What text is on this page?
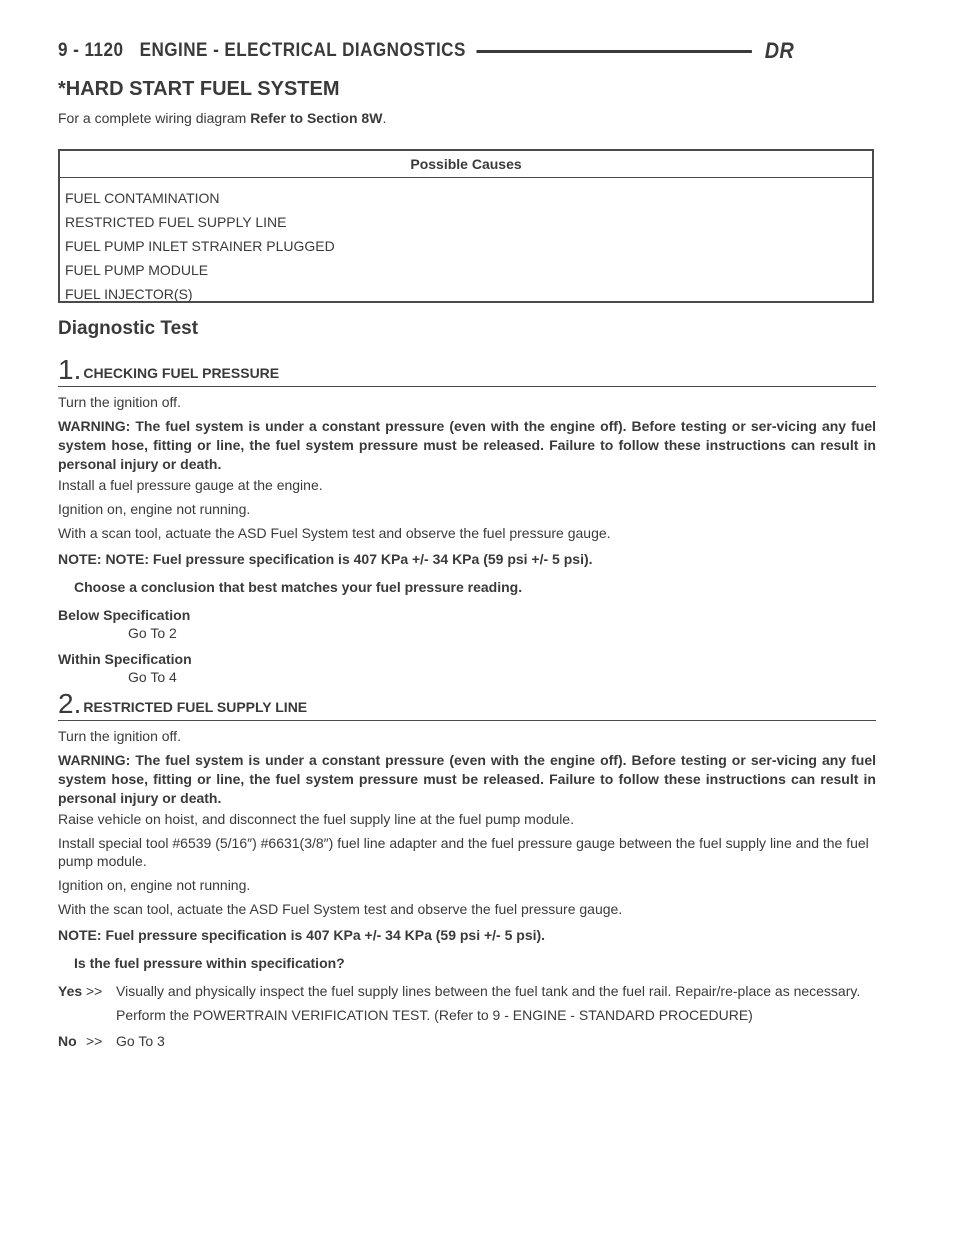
9 - 1120 ENGINE - ELECTRICAL DIAGNOSTICS	DR
*HARD START FUEL SYSTEM
For a complete wiring diagram Refer to Section 8W.
Possible Causes
FUEL CONTAMINATION
RESTRICTED FUEL SUPPLY LINE
FUEL PUMP INLET STRAINER PLUGGED
FUEL PUMP MODULE
FUEL INJECTOR(S)
Diagnostic Test
1. CHECKING FUEL PRESSURE

Turn the ignition off.

WARNING: The fuel system is under a constant pressure (even with the engine off). Before testing or ser-vicing any fuel system hose, fitting or line, the fuel system pressure must be released. Failure to follow these instructions can result in personal injury or death.

Install a fuel pressure gauge at the engine.

Ignition on, engine not running.

With a scan tool, actuate the ASD Fuel System test and observe the fuel pressure gauge.

NOTE: NOTE: Fuel pressure specification is 407 KPa +/- 34 KPa (59 psi +/- 5 psi).

Choose a conclusion that best matches your fuel pressure reading.

Below Specification

Go To 2

Within Specification

Go To 4

2. RESTRICTED FUEL SUPPLY LINE

Turn the ignition off.

WARNING: The fuel system is under a constant pressure (even with the engine off). Before testing or ser-vicing any fuel system hose, fitting or line, the fuel system pressure must be released. Failure to follow these instructions can result in personal injury or death.

Raise vehicle on hoist, and disconnect the fuel supply line at the fuel pump module.

Install special tool #6539 (5/16″) #6631(3/8″) fuel line adapter and the fuel pressure gauge between the fuel supply line and the fuel pump module.

Ignition on, engine not running.

With the scan tool, actuate the ASD Fuel System test and observe the fuel pressure gauge.

NOTE: Fuel pressure specification is 407 KPa +/- 34 KPa (59 psi +/- 5 psi).

Is the fuel pressure within specification?

Yes >> Visually and physically inspect the fuel supply lines between the fuel tank and the fuel rail. Repair/re-place as necessary.

Perform the POWERTRAIN VERIFICATION TEST. (Refer to 9 - ENGINE - STANDARD PROCEDURE)

No >> Go To 3
